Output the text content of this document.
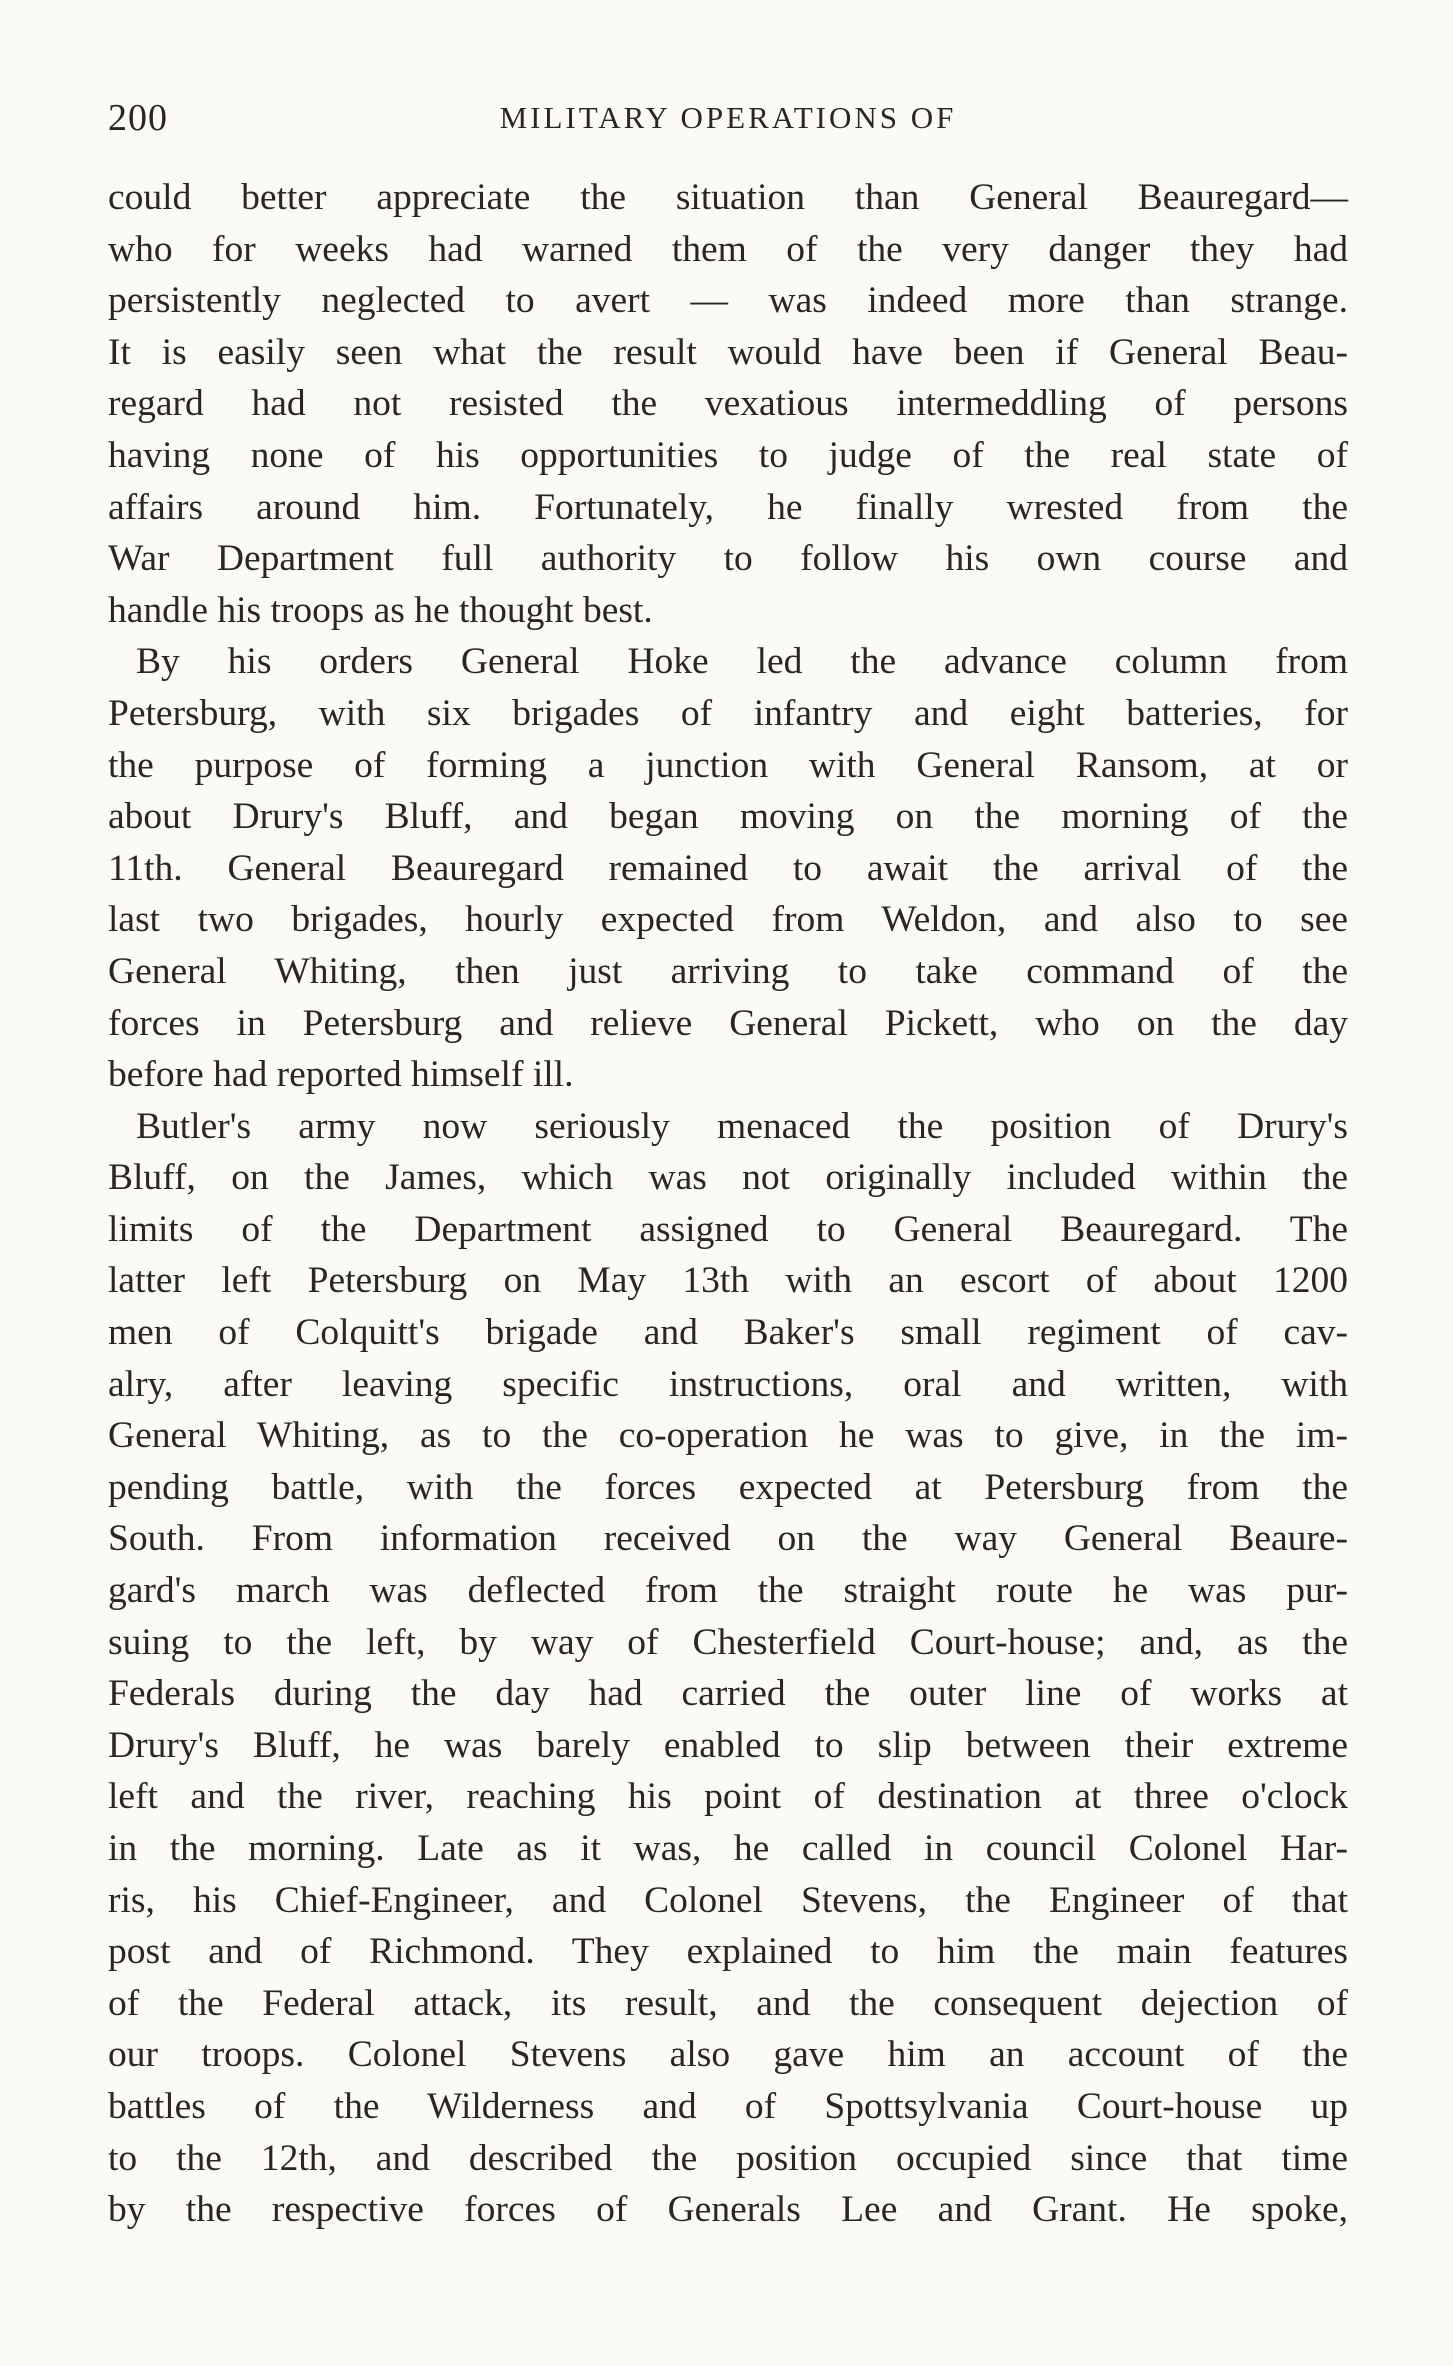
200	MILITARY OPERATIONS OF

could better appreciate the situation than General Beauregard—
who for weeks had warned them of the very danger they had
persistently neglected to avert — was indeed more than strange.
It is easily seen what the result would have been if General Beau-
regard had not resisted the vexatious intermeddling of persons
having none of his opportunities to judge of the real state of
affairs around him. Fortunately, he finally wrested from the
War Department full authority to follow his own course and
handle his troops as he thought best.

By his orders General Hoke led the advance column from
Petersburg, with six brigades of infantry and eight batteries, for
the purpose of forming a junction with General Ransom, at or
about Drury's Bluff, and began moving on the morning of the
11th. General Beauregard remained to await the arrival of the
last two brigades, hourly expected from Weldon, and also to see
General Whiting, then just arriving to take command of the
forces in Petersburg and relieve General Pickett, who on the day
before had reported himself ill.

Butler's army now seriously menaced the position of Drury's
Bluff, on the James, which was not originally included within the
limits of the Department assigned to General Beauregard. The
latter left Petersburg on May 13th with an escort of about 1200
men of Colquitt's brigade and Baker's small regiment of cav-
alry, after leaving specific instructions, oral and written, with
General Whiting, as to the co-operation he was to give, in the im-
pending battle, with the forces expected at Petersburg from the
South. From information received on the way General Beaure-
gard's march was deflected from the straight route he was pur-
suing to the left, by way of Chesterfield Court-house; and, as the
Federals during the day had carried the outer line of works at
Drury's Bluff, he was barely enabled to slip between their extreme
left and the river, reaching his point of destination at three o'clock
in the morning. Late as it was, he called in council Colonel Har-
ris, his Chief-Engineer, and Colonel Stevens, the Engineer of that
post and of Richmond. They explained to him the main features
of the Federal attack, its result, and the consequent dejection of
our troops. Colonel Stevens also gave him an account of the
battles of the Wilderness and of Spottsylvania Court-house up
to the 12th, and described the position occupied since that time
by the respective forces of Generals Lee and Grant. He spoke,
